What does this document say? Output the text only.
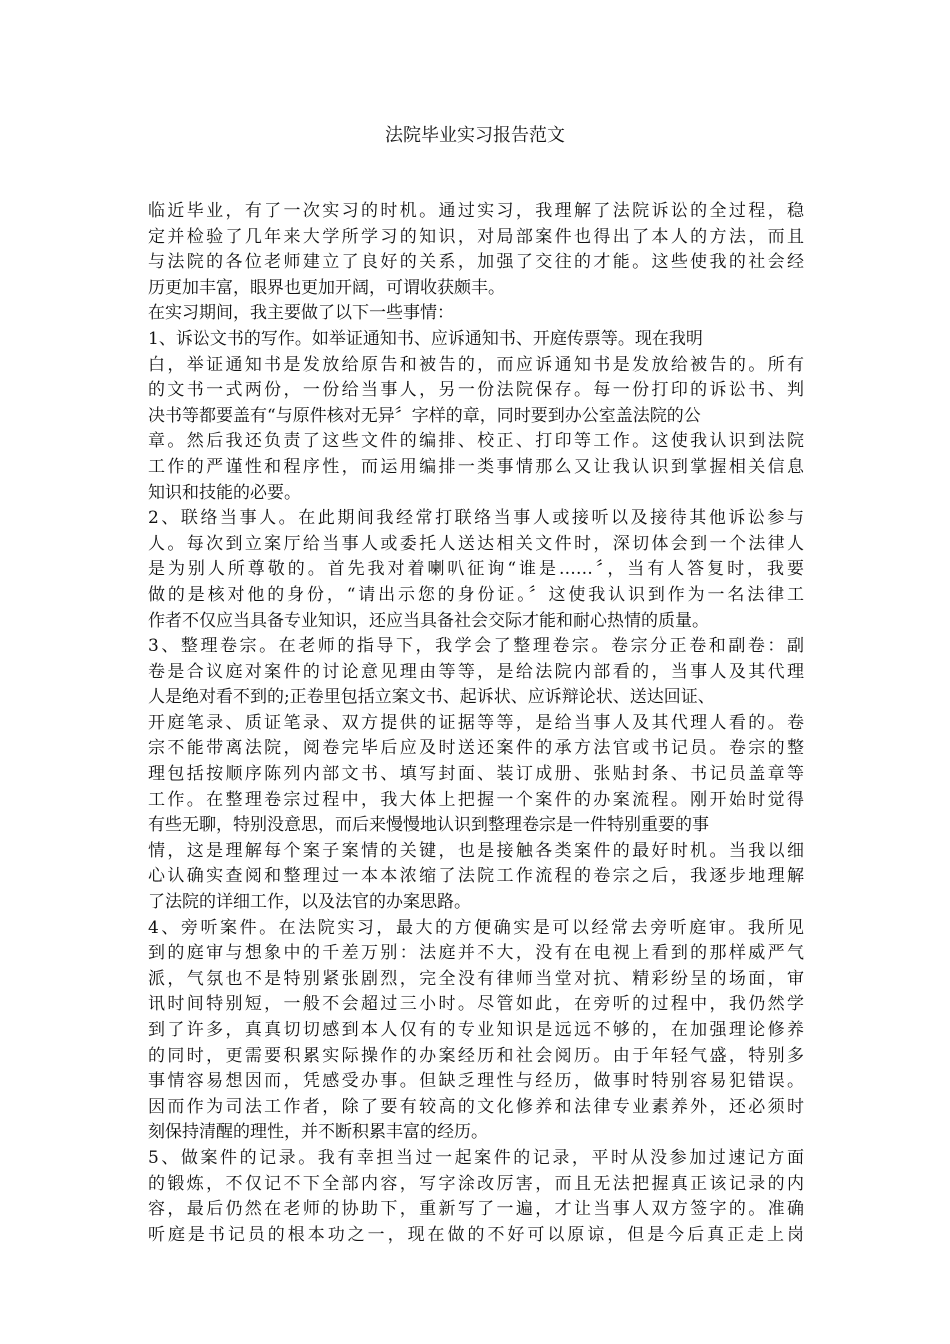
法院毕业实习报告范文
临近毕业，有了一次实习的时机。通过实习，我理解了法院诉讼的全过程，稳
定并检验了几年来大学所学习的知识，对局部案件也得出了本人的方法，而且
与法院的各位老师建立了良好的关系，加强了交往的才能。这些使我的社会经
历更加丰富，眼界也更加开阔，可谓收获颇丰。
在实习期间，我主要做了以下一些事情：
1、诉讼文书的写作。如举证通知书、应诉通知书、开庭传票等。现在我明
白，举证通知书是发放给原告和被告的，而应诉通知书是发放给被告的。所有
的文书一式两份，一份给当事人，另一份法院保存。每一份打印的诉讼书、判
决书等都要盖有“与原件核对无异〞字样的章，同时要到办公室盖法院的公
章。然后我还负责了这些文件的编排、校正、打印等工作。这使我认识到法院
工作的严谨性和程序性，而运用编排一类事情那么又让我认识到掌握相关信息
知识和技能的必要。
2、联络当事人。在此期间我经常打联络当事人或接听以及接待其他诉讼参与
人。每次到立案厅给当事人或委托人送达相关文件时，深切体会到一个法律人
是为别人所尊敬的。首先我对着喇叭征询“谁是……〞，当有人答复时，我要
做的是核对他的身份，“请出示您的身份证。〞这使我认识到作为一名法律工
作者不仅应当具备专业知识，还应当具备社会交际才能和耐心热情的质量。
3、整理卷宗。在老师的指导下，我学会了整理卷宗。卷宗分正卷和副卷：副
卷是合议庭对案件的讨论意见理由等等，是给法院内部看的，当事人及其代理
人是绝对看不到的;正卷里包括立案文书、起诉状、应诉辩论状、送达回证、
开庭笔录、质证笔录、双方提供的证据等等，是给当事人及其代理人看的。卷
宗不能带离法院，阅卷完毕后应及时送还案件的承方法官或书记员。卷宗的整
理包括按顺序陈列内部文书、填写封面、装订成册、张贴封条、书记员盖章等
工作。在整理卷宗过程中，我大体上把握一个案件的办案流程。刚开始时觉得
有些无聊，特别没意思，而后来慢慢地认识到整理卷宗是一件特别重要的事
情，这是理解每个案子案情的关键，也是接触各类案件的最好时机。当我以细
心认确实查阅和整理过一本本浓缩了法院工作流程的卷宗之后，我逐步地理解
了法院的详细工作，以及法官的办案思路。
4、旁听案件。在法院实习，最大的方便确实是可以经常去旁听庭审。我所见
到的庭审与想象中的千差万别：法庭并不大，没有在电视上看到的那样威严气
派，气氛也不是特别紧张剧烈，完全没有律师当堂对抗、精彩纷呈的场面，审
讯时间特别短，一般不会超过三小时。尽管如此，在旁听的过程中，我仍然学
到了许多，真真切切感到本人仅有的专业知识是远远不够的，在加强理论修养
的同时，更需要积累实际操作的办案经历和社会阅历。由于年轻气盛，特别多
事情容易想因而，凭感受办事。但缺乏理性与经历，做事时特别容易犯错误。
因而作为司法工作者，除了要有较高的文化修养和法律专业素养外，还必须时
刻保持清醒的理性，并不断积累丰富的经历。
5、做案件的记录。我有幸担当过一起案件的记录，平时从没参加过速记方面
的锻炼，不仅记不下全部内容，写字涂改厉害，而且无法把握真正该记录的内
容，最后仍然在老师的协助下，重新写了一遍，才让当事人双方签字的。准确
听庭是书记员的根本功之一，现在做的不好可以原谅，但是今后真正走上岗
